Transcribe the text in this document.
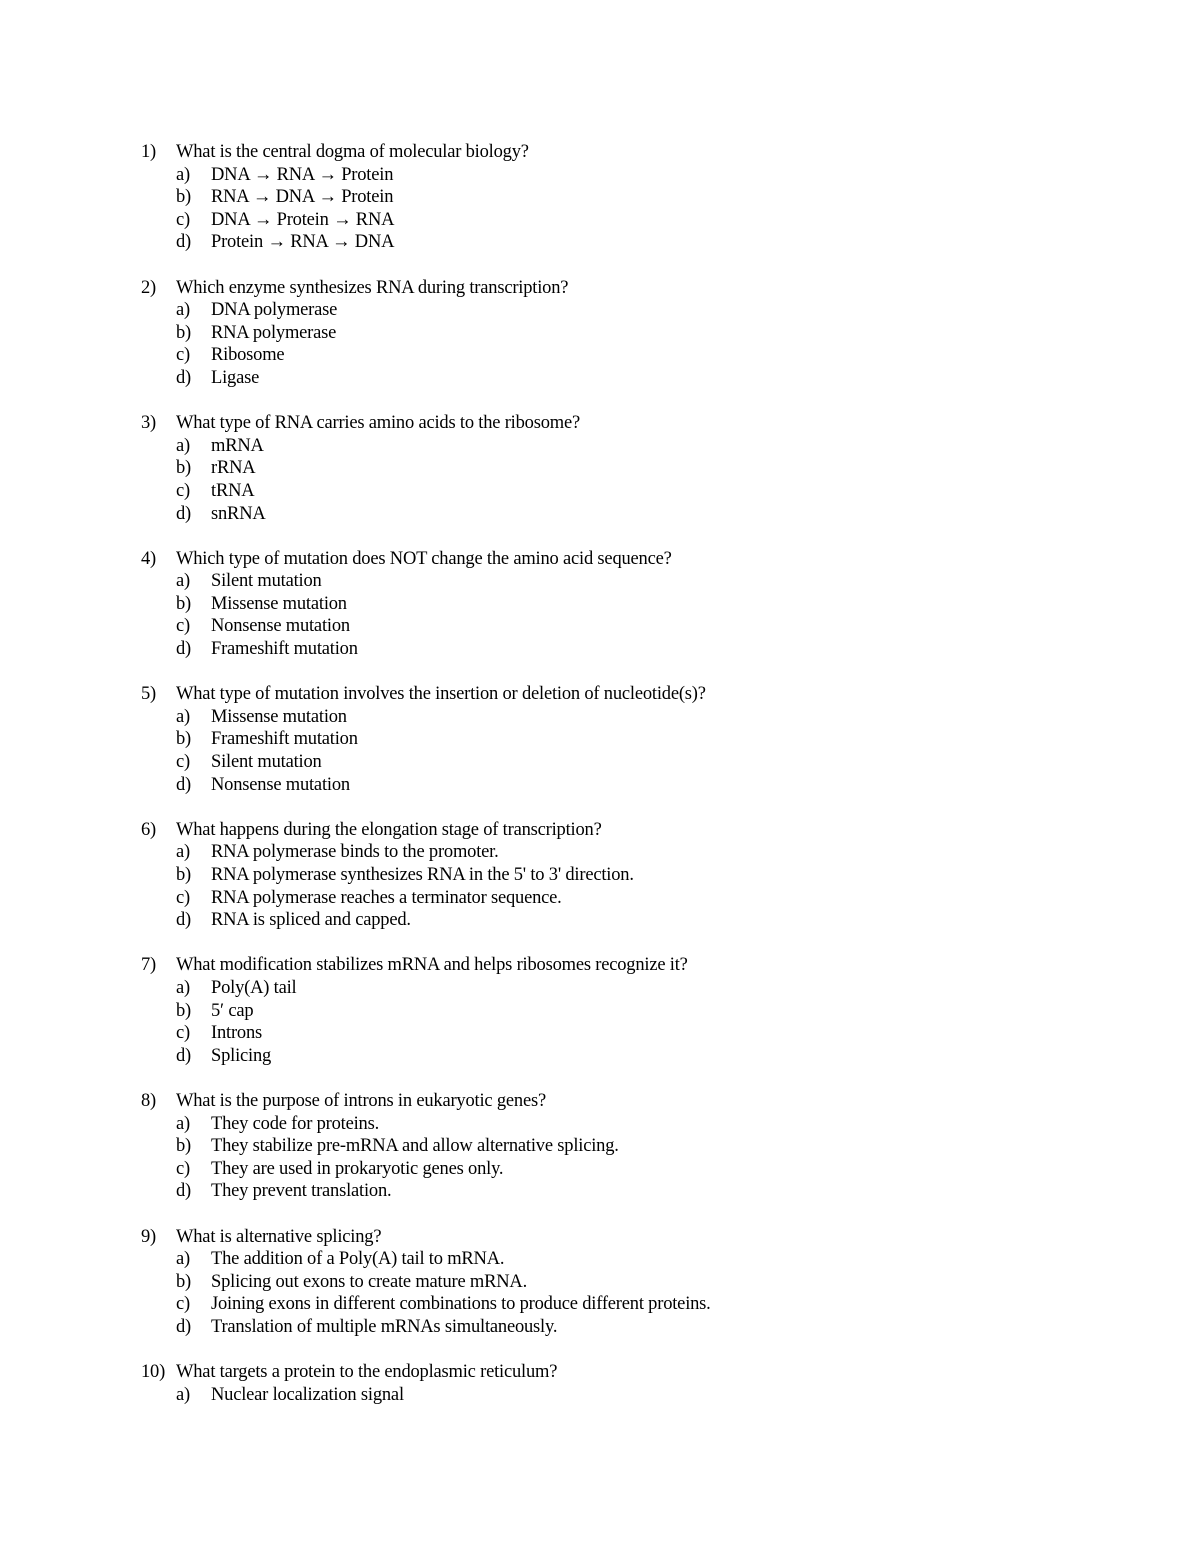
1) What is the central dogma of molecular biology?
a) DNA → RNA → Protein
b) RNA → DNA → Protein
c) DNA → Protein → RNA
d) Protein → RNA → DNA
2) Which enzyme synthesizes RNA during transcription?
a) DNA polymerase
b) RNA polymerase
c) Ribosome
d) Ligase
3) What type of RNA carries amino acids to the ribosome?
a) mRNA
b) rRNA
c) tRNA
d) snRNA
4) Which type of mutation does NOT change the amino acid sequence?
a) Silent mutation
b) Missense mutation
c) Nonsense mutation
d) Frameshift mutation
5) What type of mutation involves the insertion or deletion of nucleotide(s)?
a) Missense mutation
b) Frameshift mutation
c) Silent mutation
d) Nonsense mutation
6) What happens during the elongation stage of transcription?
a) RNA polymerase binds to the promoter.
b) RNA polymerase synthesizes RNA in the 5' to 3' direction.
c) RNA polymerase reaches a terminator sequence.
d) RNA is spliced and capped.
7) What modification stabilizes mRNA and helps ribosomes recognize it?
a) Poly(A) tail
b) 5′ cap
c) Introns
d) Splicing
8) What is the purpose of introns in eukaryotic genes?
a) They code for proteins.
b) They stabilize pre-mRNA and allow alternative splicing.
c) They are used in prokaryotic genes only.
d) They prevent translation.
9) What is alternative splicing?
a) The addition of a Poly(A) tail to mRNA.
b) Splicing out exons to create mature mRNA.
c) Joining exons in different combinations to produce different proteins.
d) Translation of multiple mRNAs simultaneously.
10) What targets a protein to the endoplasmic reticulum?
a) Nuclear localization signal
